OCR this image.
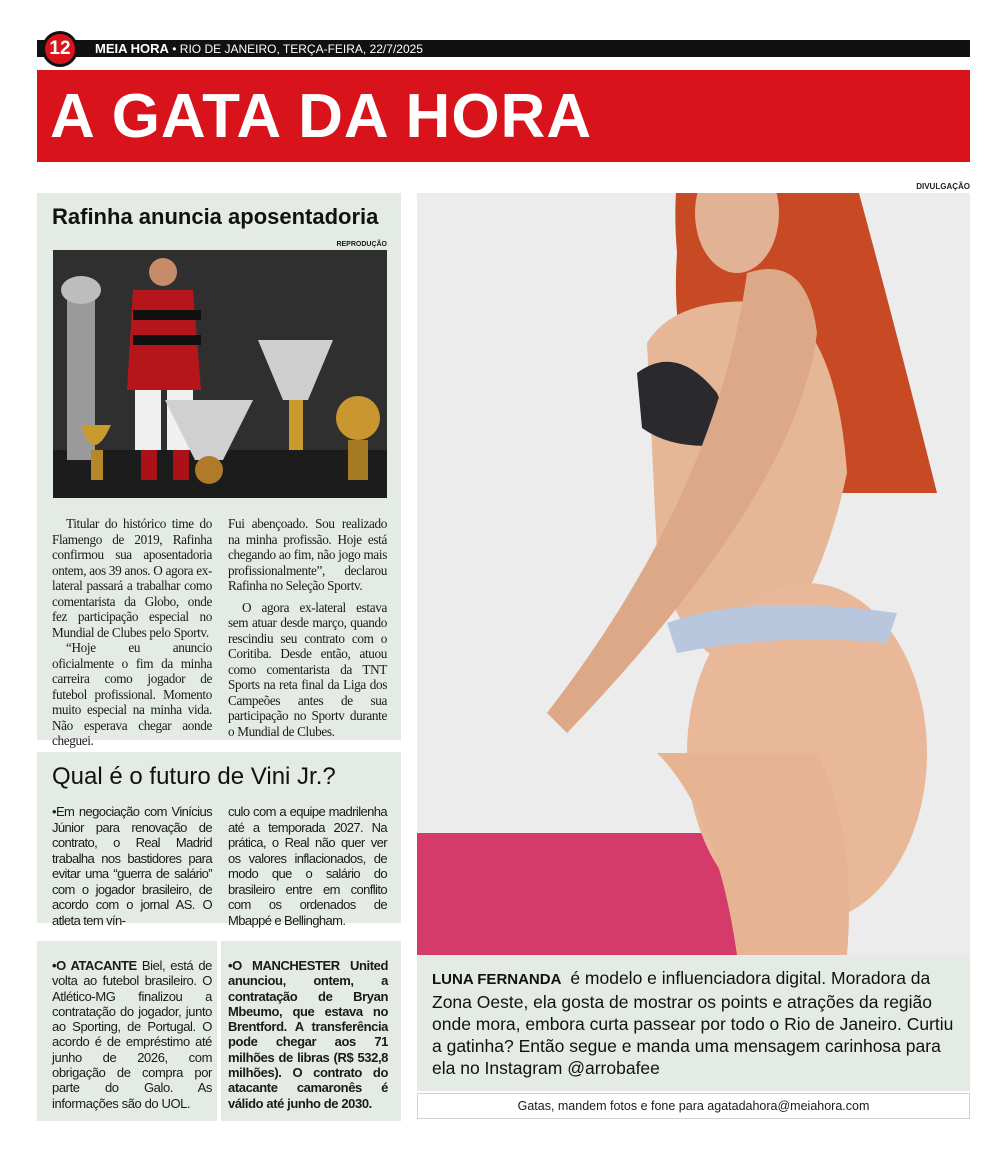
12	MEIA HORA • RIO DE JANEIRO, TERÇA-FEIRA, 22/7/2025
A GATA DA HORA
DIVULGAÇÃO
Rafinha anuncia aposentadoria
REPRODUÇÃO

Titular do histórico time do Flamengo de 2019, Rafinha confirmou sua aposentadoria ontem, aos 39 anos. O agora ex-lateral passará a trabalhar como comentarista da Globo, onde fez participação especial no Mundial de Clubes pelo Sportv.

“Hoje eu anuncio oficialmente o fim da minha carreira como jogador de futebol profissional. Momento muito especial na minha vida. Não esperava chegar aonde cheguei.

Fui abençoado. Sou realizado na minha profissão. Hoje está chegando ao fim, não jogo mais profissionalmente”, declarou Rafinha no Seleção Sportv.

O agora ex-lateral estava sem atuar desde março, quando rescindiu seu contrato com o Coritiba. Desde então, atuou como comentarista da TNT Sports na reta final da Liga dos Campeões antes de sua participação no Sportv durante o Mundial de Clubes.

Qual é o futuro de Vini Jr.?
•Em negociação com Vinícius Júnior para renovação de contrato, o Real Madrid trabalha nos bastidores para evitar uma “guerra de salário” com o jogador brasileiro, de acordo com o jornal AS. O atleta tem vín-
culo com a equipe madrilenha até a temporada 2027. Na prática, o Real não quer ver os valores inflacionados, de modo que o salário do brasileiro entre em conflito com os ordenados de Mbappé e Bellingham.
•O ATACANTE Biel, está de volta ao futebol brasileiro. O Atlético-MG finalizou a contratação do jogador, junto ao Sporting, de Portugal. O acordo é de empréstimo até junho de 2026, com obrigação de compra por parte do Galo. As informações são do UOL.
•O MANCHESTER United anunciou, ontem, a contratação de Bryan Mbeumo, que estava no Brentford. A transferência pode chegar aos 71 milhões de libras (R$ 532,8 milhões). O contrato do atacante camaronês é válido até junho de 2030.
LUNA FERNANDA é modelo e influenciadora digital. Moradora da Zona Oeste, ela gosta de mostrar os points e atrações da região onde mora, embora curta passear por todo o Rio de Janeiro. Curtiu a gatinha? Então segue e manda uma mensagem carinhosa para ela no Instagram @arrobafee
Gatas, mandem fotos e fone para agatadahora@meiahora.com
